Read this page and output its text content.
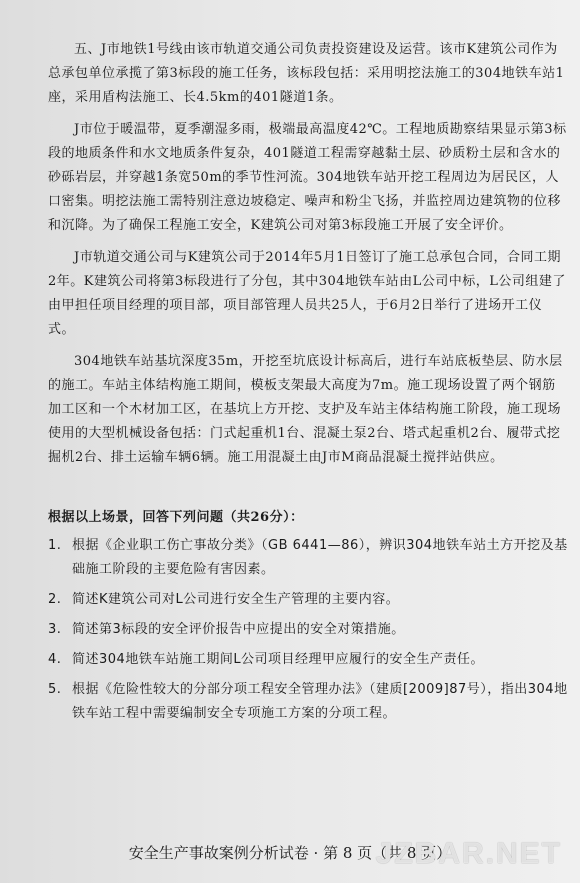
五、J市地铁1号线由该市轨道交通公司负责投资建设及运营。该市K建筑公司作为总承包单位承揽了第3标段的施工任务，该标段包括：采用明挖法施工的304地铁车站1座，采用盾构法施工、长4.5km的401隧道1条。

J市位于暖温带，夏季潮湿多雨，极端最高温度42℃。工程地质勘察结果显示第3标段的地质条件和水文地质条件复杂，401隧道工程需穿越黏土层、砂质粉土层和含水的砂砾岩层，并穿越1条宽50m的季节性河流。304地铁车站开挖工程周边为居民区，人口密集。明挖法施工需特别注意边坡稳定、噪声和粉尘飞扬，并监控周边建筑物的位移和沉降。为了确保工程施工安全，K建筑公司对第3标段施工开展了安全评价。

J市轨道交通公司与K建筑公司于2014年5月1日签订了施工总承包合同，合同工期2年。K建筑公司将第3标段进行了分包，其中304地铁车站由L公司中标，L公司组建了由甲担任项目经理的项目部，项目部管理人员共25人，于6月2日举行了进场开工仪式。

304地铁车站基坑深度35m，开挖至坑底设计标高后，进行车站底板垫层、防水层的施工。车站主体结构施工期间，模板支架最大高度为7m。施工现场设置了两个钢筋加工区和一个木材加工区，在基坑上方开挖、支护及车站主体结构施工阶段，施工现场使用的大型机械设备包括：门式起重机1台、混凝土泵2台、塔式起重机2台、履带式挖掘机2台、排土运输车辆6辆。施工用混凝土由J市M商品混凝土搅拌站供应。

根据以上场景，回答下列问题（共26分）：
1. 根据《企业职工伤亡事故分类》（GB 6441—86），辨识304地铁车站土方开挖及基础施工阶段的主要危险有害因素。
2. 简述K建筑公司对L公司进行安全生产管理的主要内容。
3. 简述第3标段的安全评价报告中应提出的安全对策措施。
4. 简述304地铁车站施工期间L公司项目经理甲应履行的安全生产责任。
5. 根据《危险性较大的分部分项工程安全管理办法》（建质[2009]87号），指出304地铁车站工程中需要编制安全专项施工方案的分项工程。
安全生产事故案例分析试卷 · 第 8 页（共 8 页）
JZBAR.NET
